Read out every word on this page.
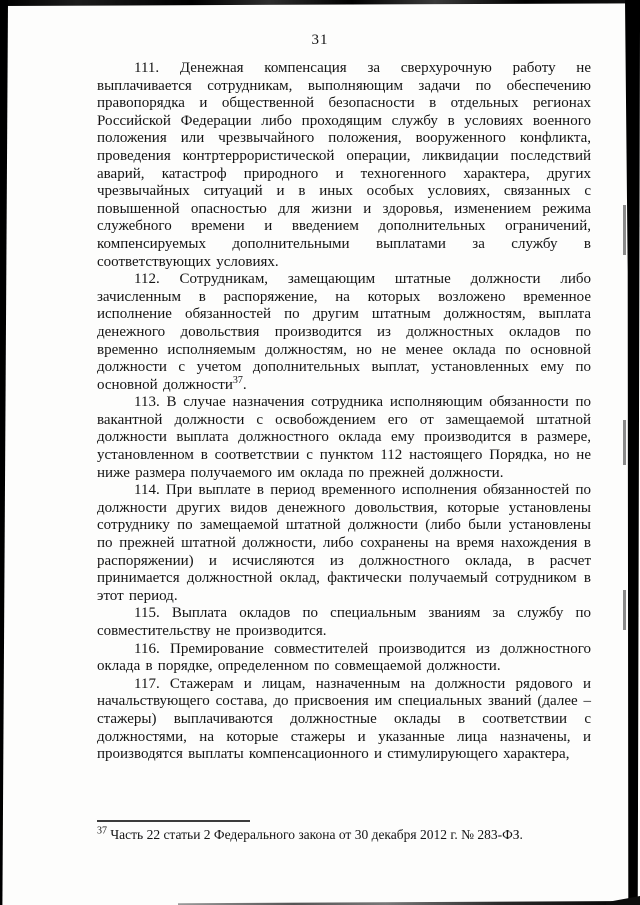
31

111. Денежная компенсация за сверхурочную работу не выплачивается сотрудникам, выполняющим задачи по обеспечению правопорядка и общественной безопасности в отдельных регионах Российской Федерации либо проходящим службу в условиях военного положения или чрезвычайного положения, вооруженного конфликта, проведения контртеррористической операции, ликвидации последствий аварий, катастроф природного и техногенного характера, других чрезвычайных ситуаций и в иных особых условиях, связанных с повышенной опасностью для жизни и здоровья, изменением режима служебного времени и введением дополнительных ограничений, компенсируемых дополнительными выплатами за службу в соответствующих условиях.

112. Сотрудникам, замещающим штатные должности либо зачисленным в распоряжение, на которых возложено временное исполнение обязанностей по другим штатным должностям, выплата денежного довольствия производится из должностных окладов по временно исполняемым должностям, но не менее оклада по основной должности с учетом дополнительных выплат, установленных ему по основной должности$^{37}$.

113. В случае назначения сотрудника исполняющим обязанности по вакантной должности с освобождением его от замещаемой штатной должности выплата должностного оклада ему производится в размере, установленном в соответствии с пунктом 112 настоящего Порядка, но не ниже размера получаемого им оклада по прежней должности.

114. При выплате в период временного исполнения обязанностей по должности других видов денежного довольствия, которые установлены сотруднику по замещаемой штатной должности (либо были установлены по прежней штатной должности, либо сохранены на время нахождения в распоряжении) и исчисляются из должностного оклада, в расчет принимается должностной оклад, фактически получаемый сотрудником в этот период.

115. Выплата окладов по специальным званиям за службу по совместительству не производится.

116. Премирование совместителей производится из должностного оклада в порядке, определенном по совмещаемой должности.

117. Стажерам и лицам, назначенным на должности рядового и начальствующего состава, до присвоения им специальных званий (далее – стажеры) выплачиваются должностные оклады в соответствии с должностями, на которые стажеры и указанные лица назначены, и производятся выплаты компенсационного и стимулирующего характера,

$^{37}$ Часть 22 статьи 2 Федерального закона от 30 декабря 2012 г. № 283-ФЗ.
